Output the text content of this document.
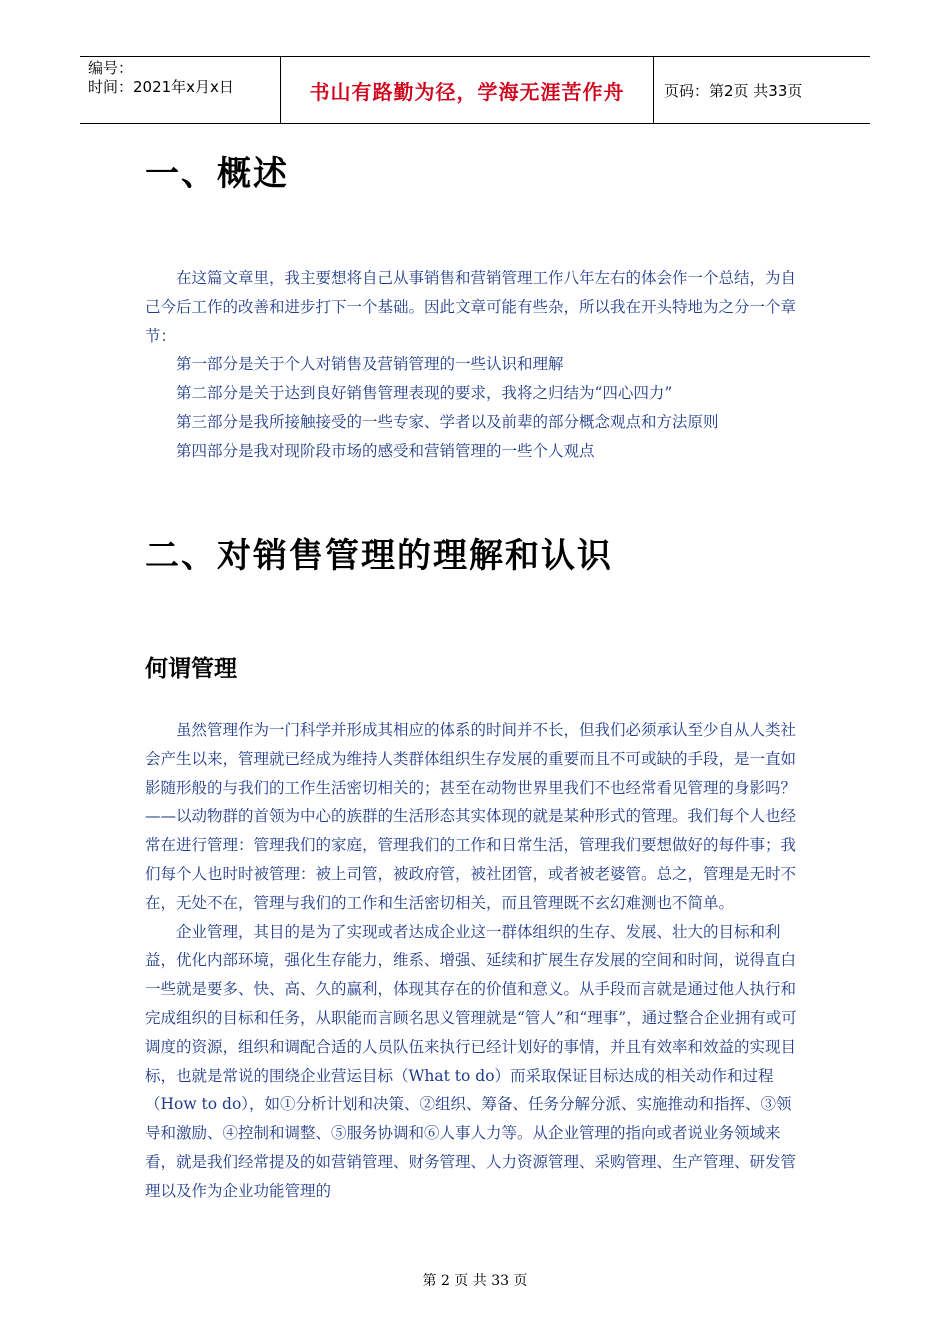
编号：
时间：2021年x月x日	书山有路勤为径，学海无涯苦作舟	页码：第2页 共33页
一、概述

在这篇文章里，我主要想将自己从事销售和营销管理工作八年左右的体会作一个总结，为自己今后工作的改善和进步打下一个基础。因此文章可能有些杂，所以我在开头特地为之分一个章节：

第一部分是关于个人对销售及营销管理的一些认识和理解

第二部分是关于达到良好销售管理表现的要求，我将之归结为“四心四力”

第三部分是我所接触接受的一些专家、学者以及前辈的部分概念观点和方法原则

第四部分是我对现阶段市场的感受和营销管理的一些个人观点

二、对销售管理的理解和认识
何谓管理

虽然管理作为一门科学并形成其相应的体系的时间并不长，但我们必须承认至少自从人类社会产生以来，管理就已经成为维持人类群体组织生存发展的重要而且不可或缺的手段，是一直如影随形般的与我们的工作生活密切相关的；甚至在动物世界里我们不也经常看见管理的身影吗？——以动物群的首领为中心的族群的生活形态其实体现的就是某种形式的管理。我们每个人也经常在进行管理：管理我们的家庭，管理我们的工作和日常生活，管理我们要想做好的每件事；我们每个人也时时被管理：被上司管，被政府管，被社团管，或者被老婆管。总之，管理是无时不在，无处不在，管理与我们的工作和生活密切相关，而且管理既不玄幻难测也不简单。

企业管理，其目的是为了实现或者达成企业这一群体组织的生存、发展、壮大的目标和利益，优化内部环境，强化生存能力，维系、增强、延续和扩展生存发展的空间和时间，说得直白一些就是要多、快、高、久的赢利，体现其存在的价值和意义。从手段而言就是通过他人执行和完成组织的目标和任务，从职能而言顾名思义管理就是“管人”和“理事”，通过整合企业拥有或可调度的资源，组织和调配合适的人员队伍来执行已经计划好的事情，并且有效率和效益的实现目标，也就是常说的围绕企业营运目标（What to do）而采取保证目标达成的相关动作和过程（How to do），如①分析计划和决策、②组织、筹备、任务分解分派、实施推动和指挥、③领导和激励、④控制和调整、⑤服务协调和⑥人事人力等。从企业管理的指向或者说业务领域来看，就是我们经常提及的如营销管理、财务管理、人力资源管理、采购管理、生产管理、研发管理以及作为企业功能管理的

第 2 页 共 33 页
